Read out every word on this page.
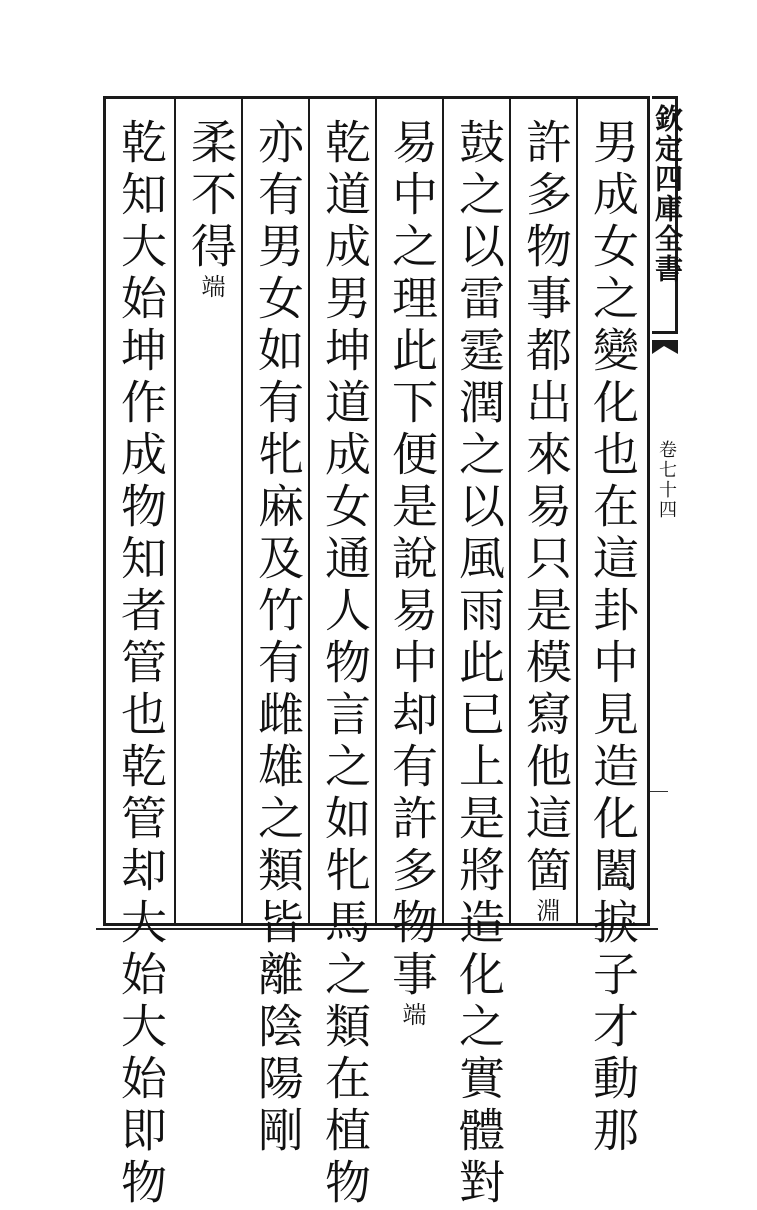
欽定四庫全書
卷七十四
男成女之變化也在這卦中見造化闔捩子才動那
許多物事都出來易只是模寫他這箇淵
鼓之以雷霆潤之以風雨此已上是將造化之實體對
易中之理此下便是說易中却有許多物事端
乾道成男坤道成女通人物言之如牝馬之類在植物
亦有男女如有牝麻及竹有雌雄之類皆離陰陽剛
柔不得端
乾知大始坤作成物知者管也乾管却大始大始即物
